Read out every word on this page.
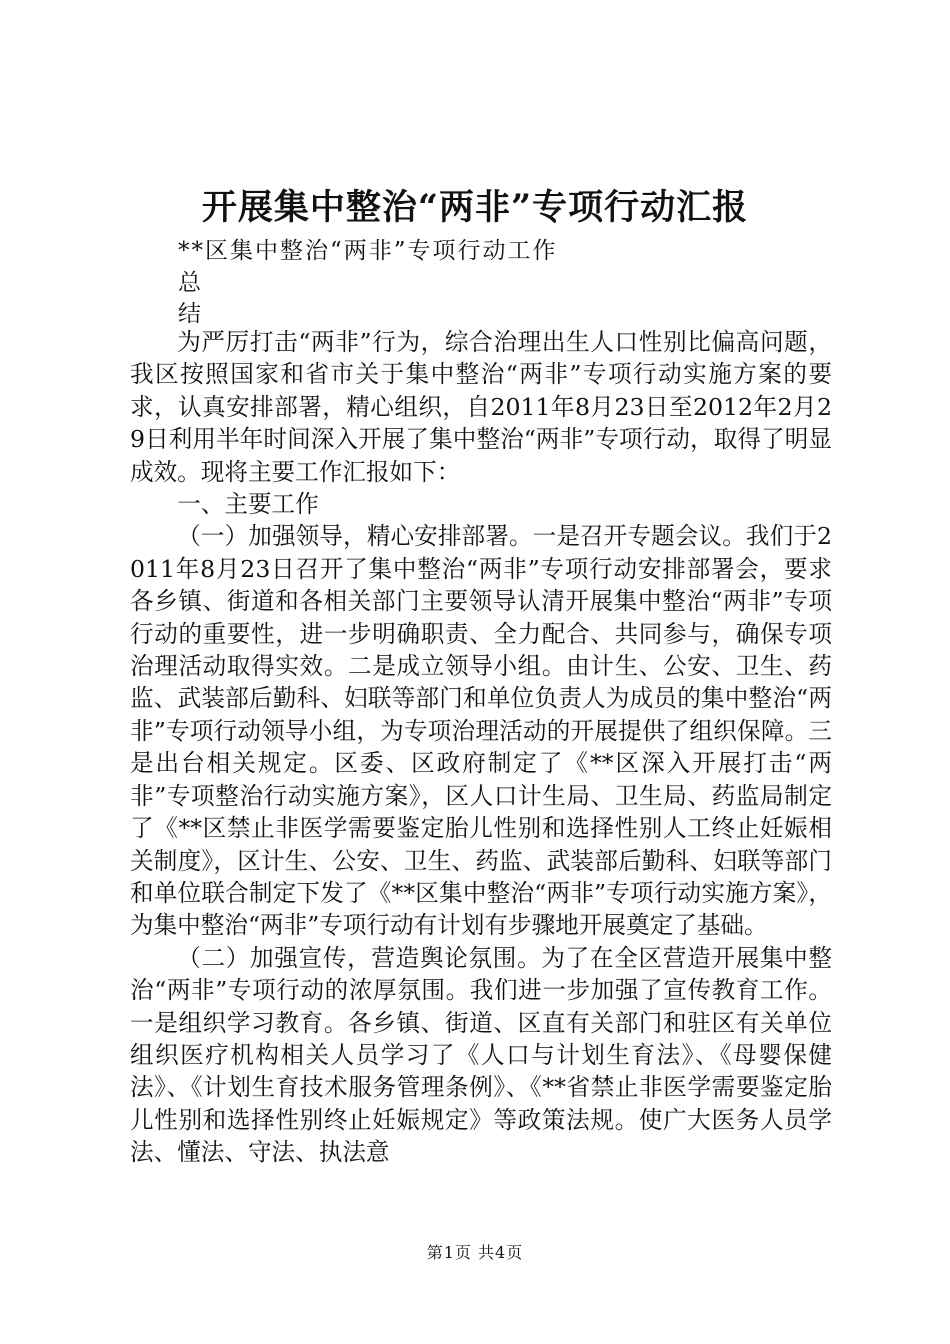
开展集中整治“两非”专项行动汇报
**区集中整治“两非”专项行动工作
总
结

为严厉打击“两非”行为，综合治理出生人口性别比偏高问题，我区按照国家和省市关于集中整治“两非”专项行动实施方案的要求，认真安排部署，精心组织，自2011年8月23日至2012年2月29日利用半年时间深入开展了集中整治“两非”专项行动，取得了明显成效。现将主要工作汇报如下：

一、主要工作

（一）加强领导，精心安排部署。一是召开专题会议。我们于2011年8月23日召开了集中整治“两非”专项行动安排部署会，要求各乡镇、街道和各相关部门主要领导认清开展集中整治“两非”专项行动的重要性，进一步明确职责、全力配合、共同参与，确保专项治理活动取得实效。二是成立领导小组。由计生、公安、卫生、药监、武装部后勤科、妇联等部门和单位负责人为成员的集中整治“两非”专项行动领导小组，为专项治理活动的开展提供了组织保障。三是出台相关规定。区委、区政府制定了《**区深入开展打击“两非”专项整治行动实施方案》，区人口计生局、卫生局、药监局制定了《**区禁止非医学需要鉴定胎儿性别和选择性别人工终止妊娠相关制度》，区计生、公安、卫生、药监、武装部后勤科、妇联等部门和单位联合制定下发了《**区集中整治“两非”专项行动实施方案》，为集中整治“两非”专项行动有计划有步骤地开展奠定了基础。

（二）加强宣传，营造舆论氛围。为了在全区营造开展集中整治“两非”专项行动的浓厚氛围。我们进一步加强了宣传教育工作。一是组织学习教育。各乡镇、街道、区直有关部门和驻区有关单位组织医疗机构相关人员学习了《人口与计划生育法》、《母婴保健法》、《计划生育技术服务管理条例》、《**省禁止非医学需要鉴定胎儿性别和选择性别终止妊娠规定》等政策法规。使广大医务人员学法、懂法、守法、执法意

第1页 共4页
